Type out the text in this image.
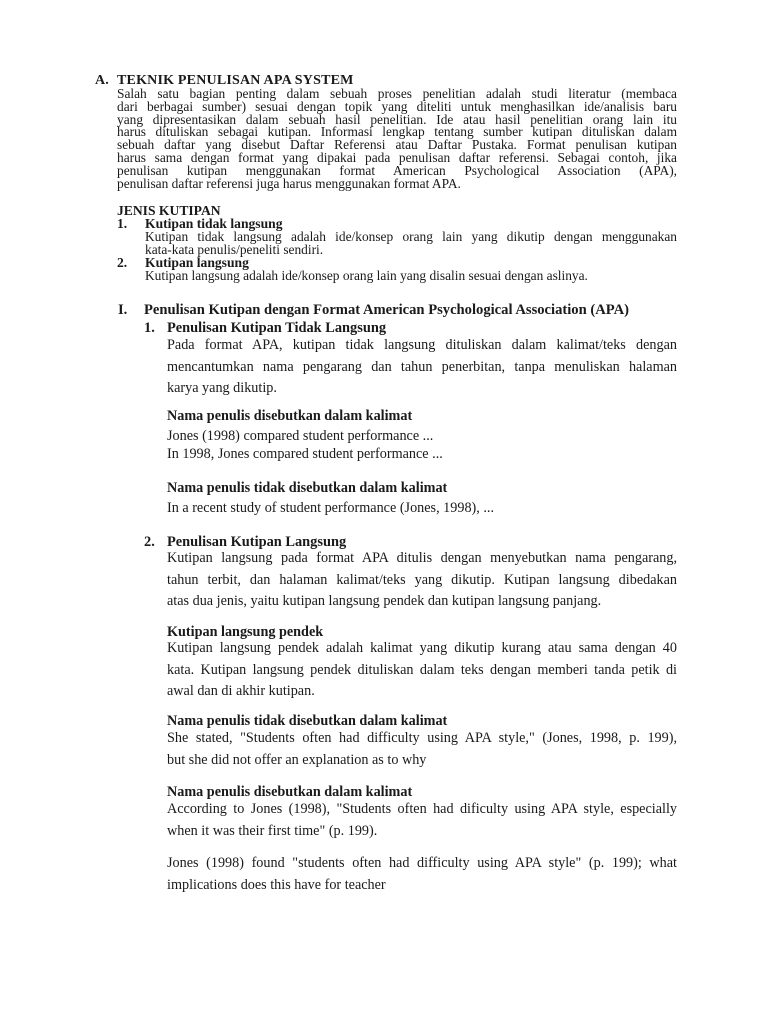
A. TEKNIK PENULISAN APA SYSTEM
Salah satu bagian penting dalam sebuah proses penelitian adalah studi literatur (membaca
dari berbagai sumber) sesuai dengan topik yang diteliti untuk menghasilkan ide/analisis baru
yang dipresentasikan dalam sebuah hasil penelitian. Ide atau hasil penelitian orang lain itu
harus dituliskan sebagai kutipan. Informasi lengkap tentang sumber kutipan dituliskan dalam
sebuah daftar yang disebut Daftar Referensi atau Daftar Pustaka. Format penulisan kutipan
harus sama dengan format yang dipakai pada penulisan daftar referensi. Sebagai contoh, jika
penulisan kutipan menggunakan format American Psychological Association (APA),
penulisan daftar referensi juga harus menggunakan format APA.
JENIS KUTIPAN
1. Kutipan tidak langsung
Kutipan tidak langsung adalah ide/konsep orang lain yang dikutip dengan menggunakan
kata-kata penulis/peneliti sendiri.
2. Kutipan langsung
Kutipan langsung adalah ide/konsep orang lain yang disalin sesuai dengan aslinya.
I. Penulisan Kutipan dengan Format American Psychological Association (APA)
1. Penulisan Kutipan Tidak Langsung
Pada format APA, kutipan tidak langsung dituliskan dalam kalimat/teks dengan
mencantumkan nama pengarang dan tahun penerbitan, tanpa menuliskan halaman
karya yang dikutip.
Nama penulis disebutkan dalam kalimat
Jones (1998) compared student performance ...
In 1998, Jones compared student performance ...
Nama penulis tidak disebutkan dalam kalimat
In a recent study of student performance (Jones, 1998), ...
2. Penulisan Kutipan Langsung
Kutipan langsung pada format APA ditulis dengan menyebutkan nama pengarang,
tahun terbit, dan halaman kalimat/teks yang dikutip. Kutipan langsung dibedakan
atas dua jenis, yaitu kutipan langsung pendek dan kutipan langsung panjang.
Kutipan langsung pendek
Kutipan langsung pendek adalah kalimat yang dikutip kurang atau sama dengan 40
kata. Kutipan langsung pendek dituliskan dalam teks dengan memberi tanda petik di
awal dan di akhir kutipan.
Nama penulis tidak disebutkan dalam kalimat
She stated, "Students often had difficulty using APA style," (Jones, 1998, p. 199),
but she did not offer an explanation as to why
Nama penulis disebutkan dalam kalimat
According to Jones (1998), "Students often had dificulty using APA style, especially
when it was their first time" (p. 199).
Jones (1998) found "students often had difficulty using APA style" (p. 199); what
implications does this have for teacher
